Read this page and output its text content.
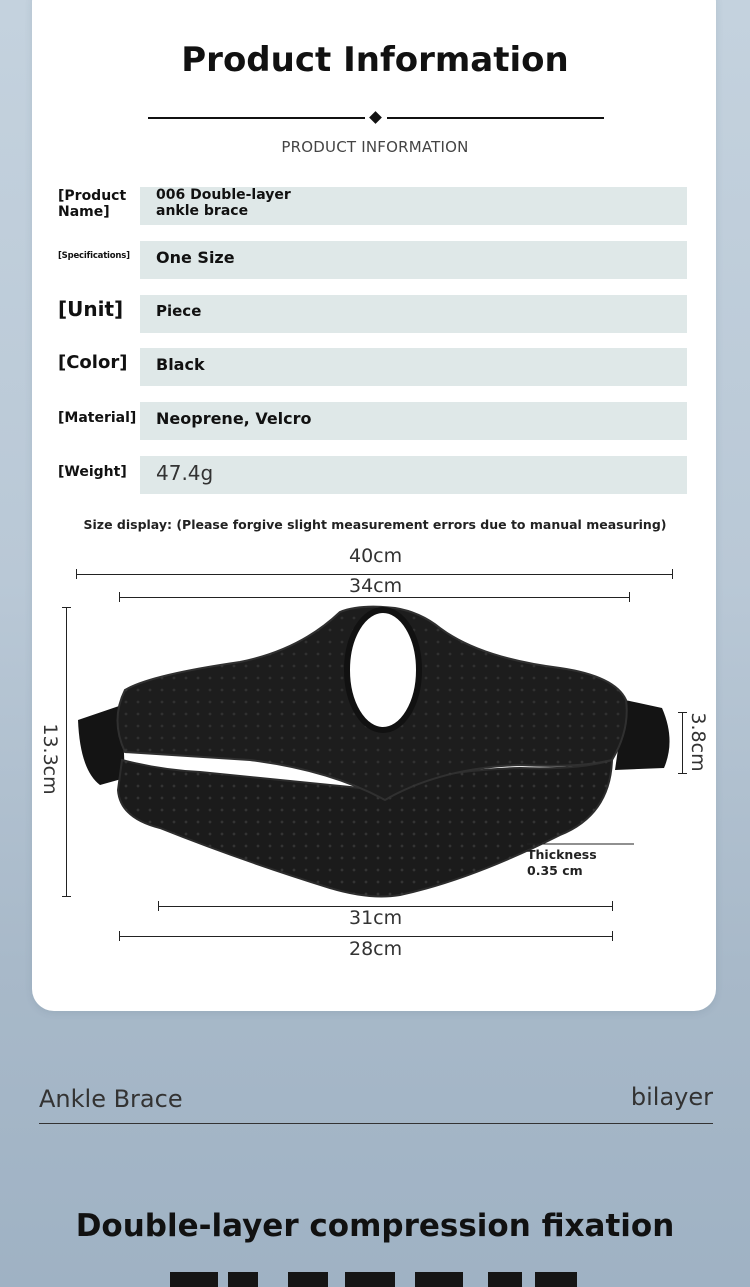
Product Information
PRODUCT INFORMATION
[Product Name]
006 Double-layer ankle brace
[Specifications]	One Size
[Unit]	Piece
[Color]	Black
[Material] Neoprene, Velcro
[Weight]	47.4g
Size display: (Please forgive slight measurement errors due to manual measuring)
40cm
34cm
13.3cm	3.8cm
Thickness 0.35 cm
31cm
28cm
Ankle Brace	bilayer
Double-layer compression fixation
